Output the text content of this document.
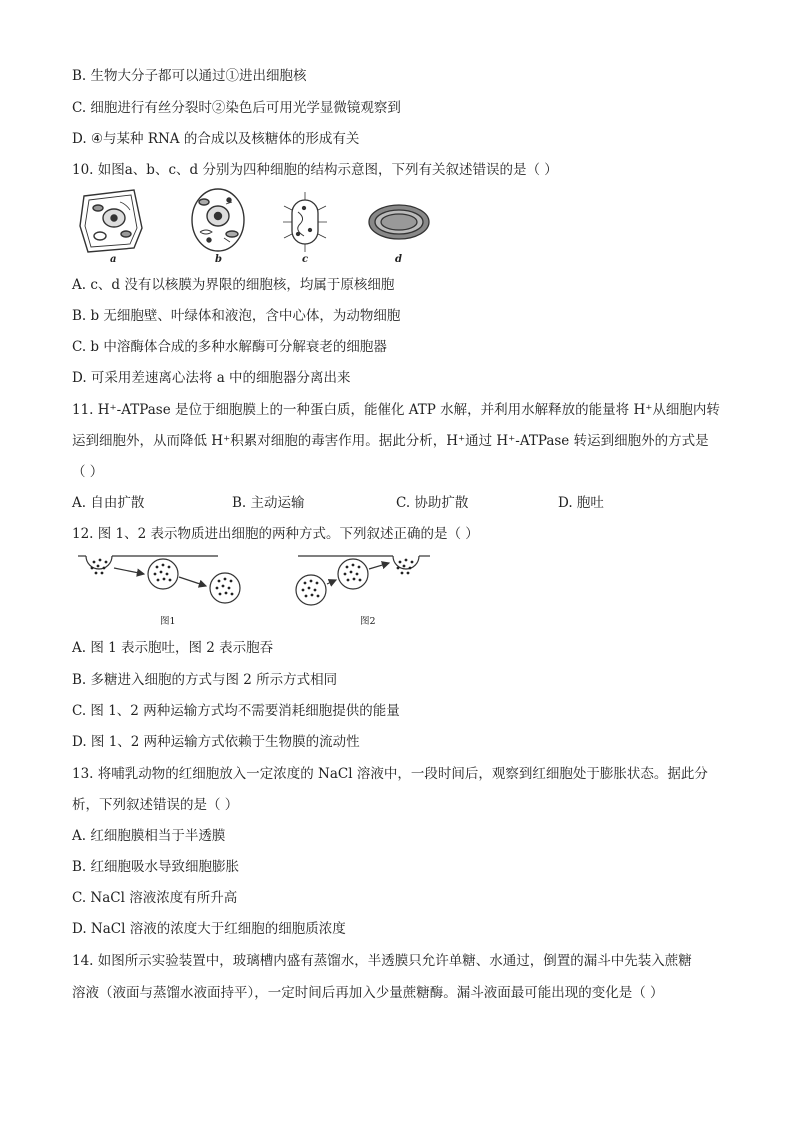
B. 生物大分子都可以通过①进出细胞核
C. 细胞进行有丝分裂时②染色后可用光学显微镜观察到
D. ④与某种 RNA 的合成以及核糖体的形成有关
10. 如图a、b、c、d 分别为四种细胞的结构示意图，下列有关叙述错误的是（ ）
a	b	c	d
A. c、d 没有以核膜为界限的细胞核，均属于原核细胞
B. b 无细胞壁、叶绿体和液泡，含中心体，为动物细胞
C. b 中溶酶体合成的多种水解酶可分解衰老的细胞器
D. 可采用差速离心法将 a 中的细胞器分离出来
11. H⁺-ATPase 是位于细胞膜上的一种蛋白质，能催化 ATP 水解，并利用水解释放的能量将 H⁺从细胞内转
运到细胞外，从而降低 H⁺积累对细胞的毒害作用。据此分析，H⁺通过 H⁺-ATPase 转运到细胞外的方式是
（ ）
A. 自由扩散	B. 主动运输	C. 协助扩散	D. 胞吐
12. 图 1、2 表示物质进出细胞的两种方式。下列叙述正确的是（ ）
图1	图2
A. 图 1 表示胞吐，图 2 表示胞吞
B. 多糖进入细胞的方式与图 2 所示方式相同
C. 图 1、2 两种运输方式均不需要消耗细胞提供的能量
D. 图 1、2 两种运输方式依赖于生物膜的流动性
13. 将哺乳动物的红细胞放入一定浓度的 NaCl 溶液中，一段时间后，观察到红细胞处于膨胀状态。据此分
析，下列叙述错误的是（ ）
A. 红细胞膜相当于半透膜
B. 红细胞吸水导致细胞膨胀
C. NaCl 溶液浓度有所升高
D. NaCl 溶液的浓度大于红细胞的细胞质浓度
14. 如图所示实验装置中，玻璃槽内盛有蒸馏水，半透膜只允许单糖、水通过，倒置的漏斗中先装入蔗糖
溶液（液面与蒸馏水液面持平），一定时间后再加入少量蔗糖酶。漏斗液面最可能出现的变化是（ ）
